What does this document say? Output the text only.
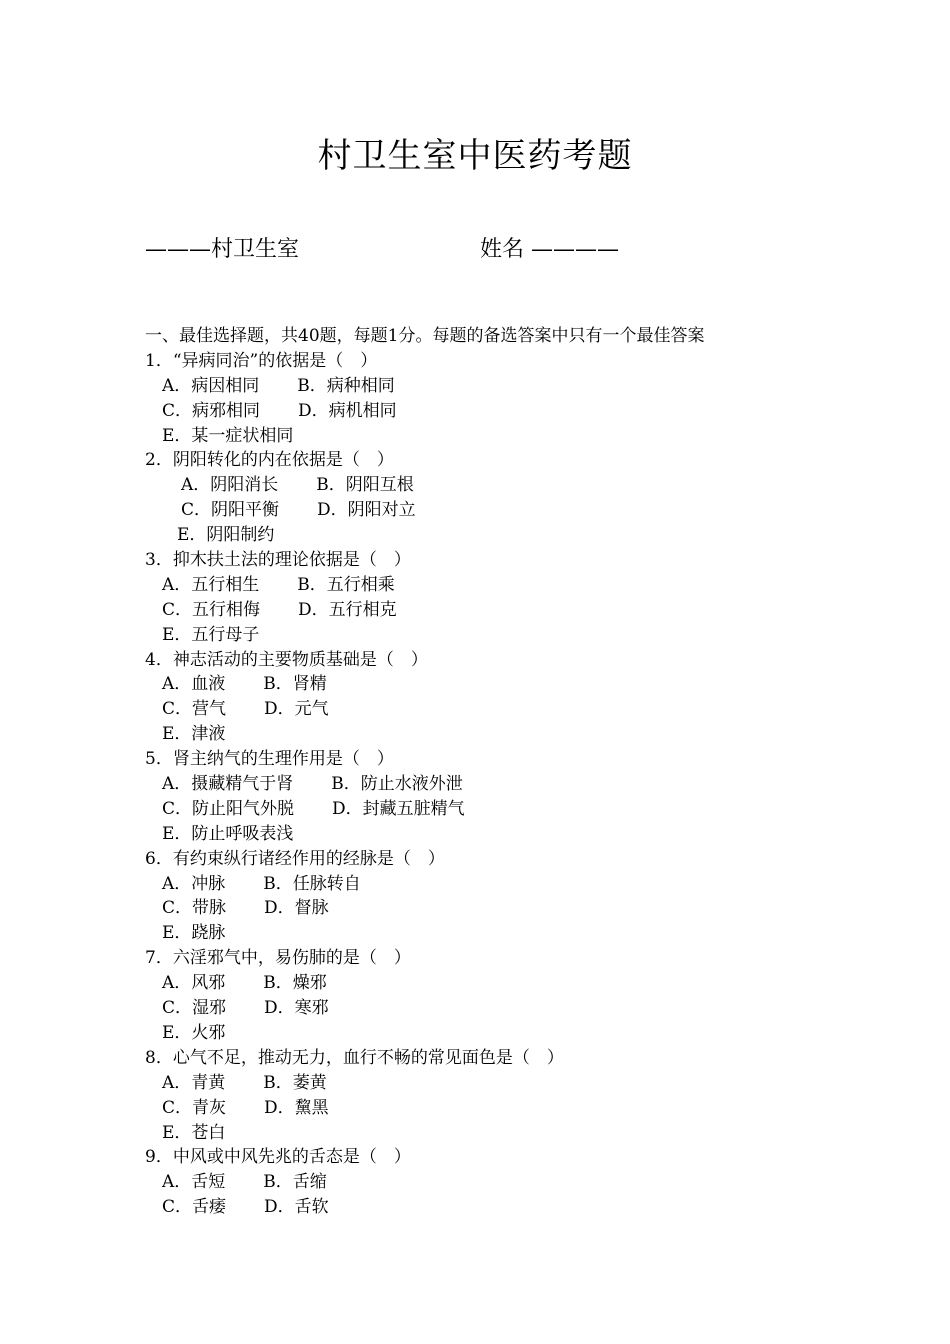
村卫生室中医药考题
———村卫生室	姓名 ————
一、最佳选择题，共40题，每题1分。每题的备选答案中只有一个最佳答案
1．“异病同治”的依据是（　）
A．病因相同 B．病种相同
C．病邪相同 D．病机相同
E．某一症状相同
2．阴阳转化的内在依据是（　）
A．阴阳消长 B．阴阳互根
C．阴阳平衡 D．阴阳对立
E．阴阳制约
3．抑木扶土法的理论依据是（　）
A．五行相生 B．五行相乘
C．五行相侮 D．五行相克
E．五行母子
4．神志活动的主要物质基础是（　）
A．血液 B．肾精
C．营气 D．元气
E．津液
5．肾主纳气的生理作用是（　）
A．摄藏精气于肾 B．防止水液外泄
C．防止阳气外脱 D．封藏五脏精气
E．防止呼吸表浅
6．有约束纵行诸经作用的经脉是（　）
A．冲脉 B．任脉转自
C．带脉 D．督脉
E．跷脉
7．六淫邪气中，易伤肺的是（　）
A．风邪 B．燥邪
C．湿邪 D．寒邪
E．火邪
8．心气不足，推动无力，血行不畅的常见面色是（　）
A．青黄 B．萎黄
C．青灰 D．黧黑
E．苍白
9．中风或中风先兆的舌态是（　）
A．舌短 B．舌缩
C．舌痿 D．舌软
